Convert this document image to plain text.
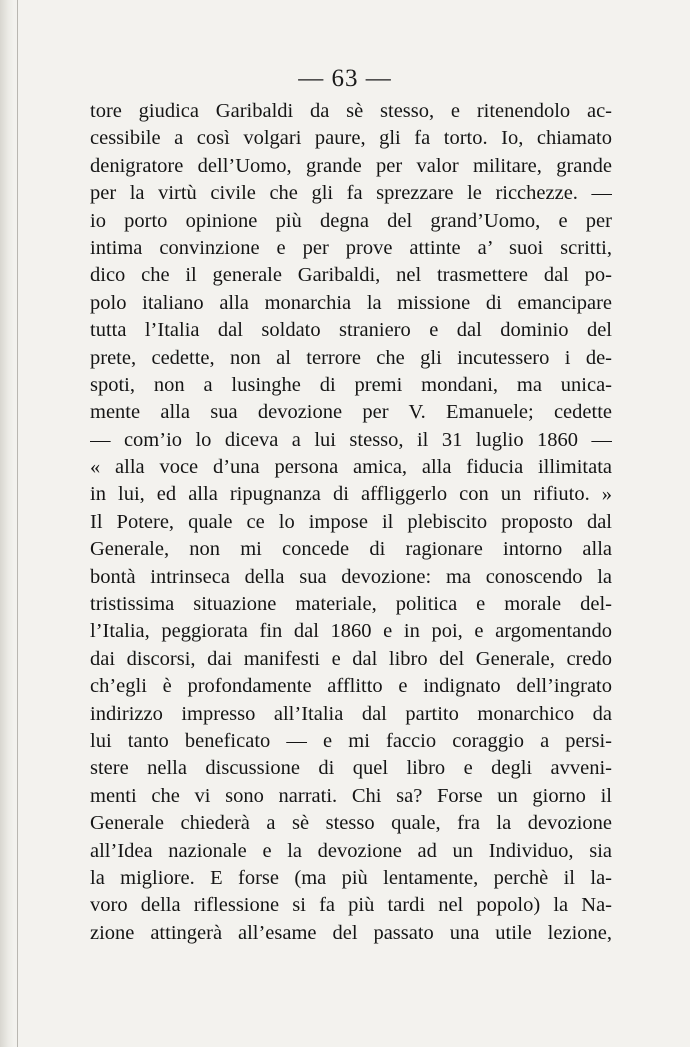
— 63 —
tore giudica Garibaldi da sè stesso, e ritenendolo ac-
cessibile a così volgari paure, gli fa torto. Io, chiamato
denigratore dell’Uomo, grande per valor militare, grande
per la virtù civile che gli fa sprezzare le ricchezze. —
io porto opinione più degna del grand’Uomo, e per
intima convinzione e per prove attinte a’ suoi scritti,
dico che il generale Garibaldi, nel trasmettere dal po-
polo italiano alla monarchia la missione di emancipare
tutta l’Italia dal soldato straniero e dal dominio del
prete, cedette, non al terrore che gli incutessero i de-
spoti, non a lusinghe di premi mondani, ma unica-
mente alla sua devozione per V. Emanuele; cedette
— com’io lo diceva a lui stesso, il 31 luglio 1860 —
« alla voce d’una persona amica, alla fiducia illimitata
in lui, ed alla ripugnanza di affliggerlo con un rifiuto. »
Il Potere, quale ce lo impose il plebiscito proposto dal
Generale, non mi concede di ragionare intorno alla
bontà intrinseca della sua devozione: ma conoscendo la
tristissima situazione materiale, politica e morale del-
l’Italia, peggiorata fin dal 1860 e in poi, e argomentando
dai discorsi, dai manifesti e dal libro del Generale, credo
ch’egli è profondamente afflitto e indignato dell’ingrato
indirizzo impresso all’Italia dal partito monarchico da
lui tanto beneficato — e mi faccio coraggio a persi-
stere nella discussione di quel libro e degli avveni-
menti che vi sono narrati. Chi sa? Forse un giorno il
Generale chiederà a sè stesso quale, fra la devozione
all’Idea nazionale e la devozione ad un Individuo, sia
la migliore. E forse (ma più lentamente, perchè il la-
voro della riflessione si fa più tardi nel popolo) la Na-
zione attingerà all’esame del passato una utile lezione,
